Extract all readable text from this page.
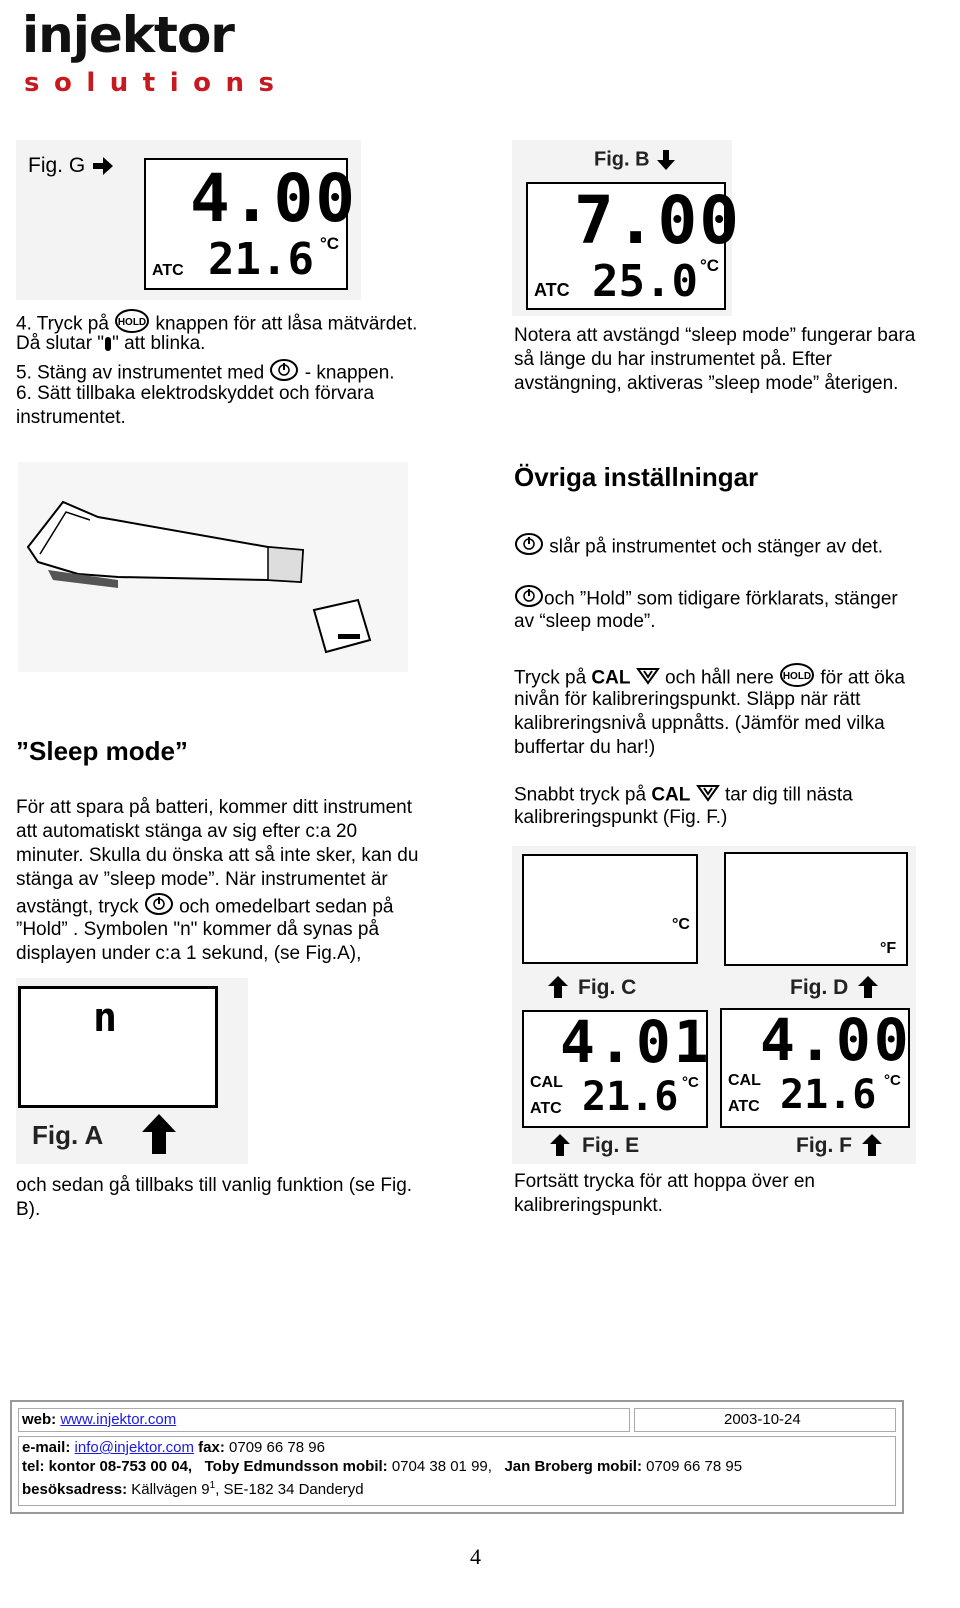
injektor
solutions
Fig. G	4.00
ATC 21.6 °C
Fig. B
7.00
ATC 25.0 °C
4. Tryck på HOLD knappen för att låsa mätvärdet.
Då slutar " " att blinka.
5. Stäng av instrumentet med - knappen.
6. Sätt tillbaka elektrodskyddet och förvara
instrumentet.
Notera att avstängd “sleep mode” fungerar bara
så länge du har instrumentet på. Efter
avstängning, aktiveras ”sleep mode” återigen.
Övriga inställningar
slår på instrumentet och stänger av det.
och ”Hold” som tidigare förklarats, stänger
av “sleep mode”.
”Sleep mode”
För att spara på batteri, kommer ditt instrument
att automatiskt stänga av sig efter c:a 20
minuter. Skulla du önska att så inte sker, kan du
stänga av ”sleep mode”. När instrumentet är
avstängt, tryck och omedelbart sedan på
”Hold” . Symbolen "n" kommer då synas på
displayen under c:a 1 sekund, (se Fig.A),
n
Fig. A
och sedan gå tillbaks till vanlig funktion (se Fig.
B).
Tryck på CAL och håll nere HOLD för att öka
nivån för kalibreringspunkt. Släpp när rätt
kalibreringsnivå uppnåtts. (Jämför med vilka
buffertar du har!)
Snabbt tryck på CAL tar dig till nästa
kalibreringspunkt (Fig. F.)
°C
°F
Fig. C	Fig. D
4.01
CAL
ATC 21.6 °C
4.00
CAL
ATC 21.6 °C
Fig. E	Fig. F
Fortsätt trycka för att hoppa över en
kalibreringspunkt.
web: www.injektor.com	2003-10-24
e-mail: info@injektor.com fax: 0709 66 78 96
tel: kontor 08-753 00 04, Toby Edmundsson mobil: 0704 38 01 99, Jan Broberg mobil: 0709 66 78 95
besöksadress: Källvägen $9^1$, SE-182 34 Danderyd
4
